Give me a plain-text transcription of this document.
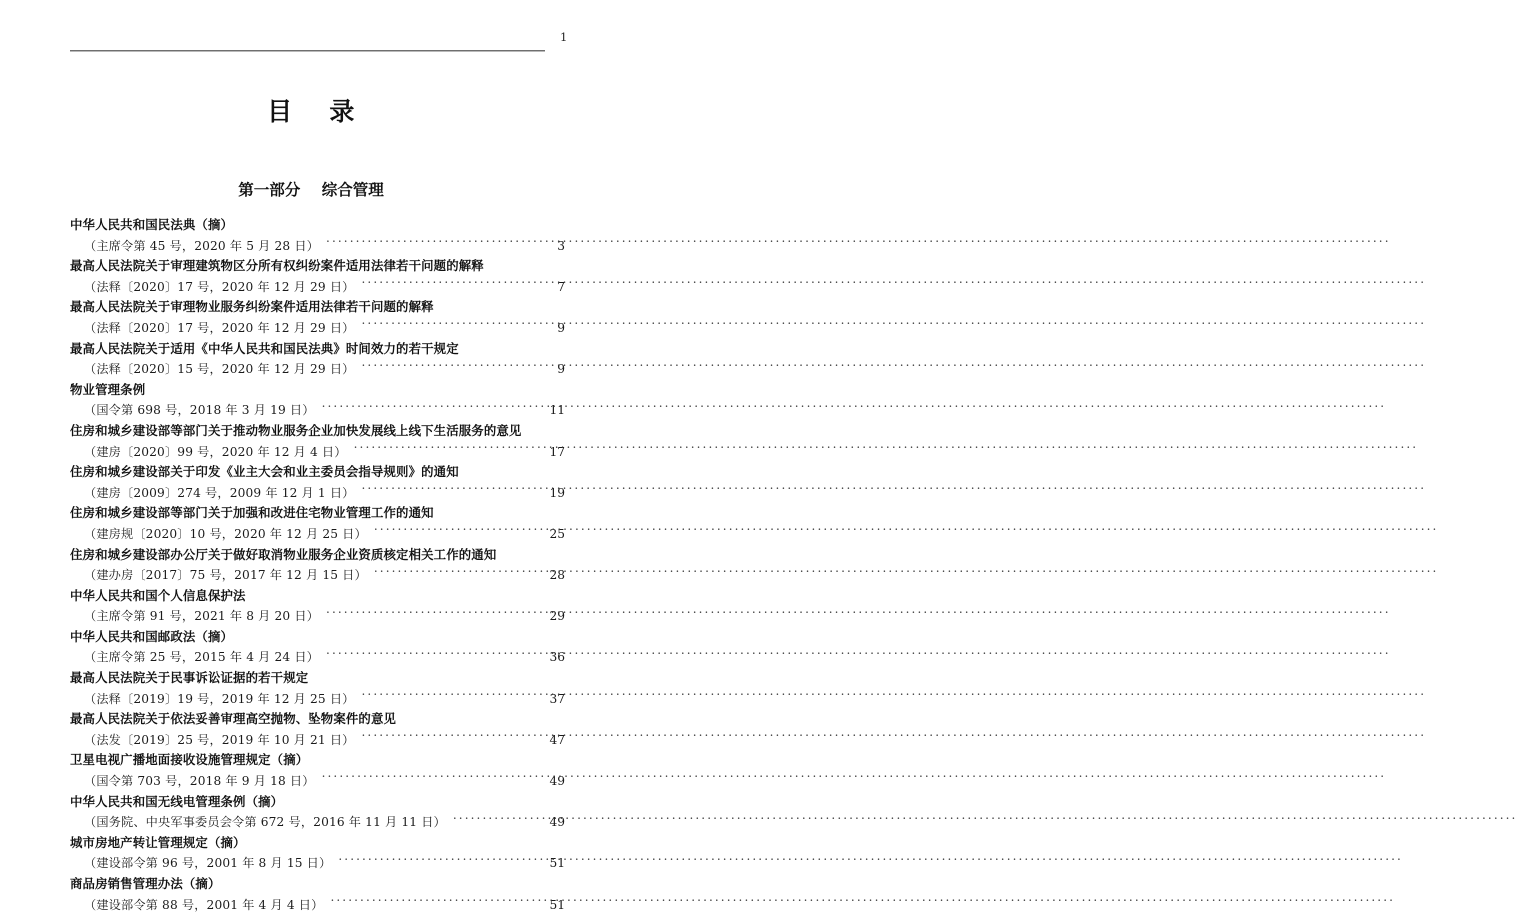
1
目    录
第一部分    综合管理
中华人民共和国民法典（摘）
（主席令第 45 号，2020 年 5 月 28 日） .....	3
最高人民法院关于审理建筑物区分所有权纠纷案件适用法律若干问题的解释
（法释〔2020〕17 号，2020 年 12 月 29 日） .....	7
最高人民法院关于审理物业服务纠纷案件适用法律若干问题的解释
（法释〔2020〕17 号，2020 年 12 月 29 日） .....	9
最高人民法院关于适用《中华人民共和国民法典》时间效力的若干规定
（法释〔2020〕15 号，2020 年 12 月 29 日） .....	9
物业管理条例
（国令第 698 号，2018 年 3 月 19 日） .....	11
住房和城乡建设部等部门关于推动物业服务企业加快发展线上线下生活服务的意见
（建房〔2020〕99 号，2020 年 12 月 4 日） .....	17
住房和城乡建设部关于印发《业主大会和业主委员会指导规则》的通知
（建房〔2009〕274 号，2009 年 12 月 1 日） .....	19
住房和城乡建设部等部门关于加强和改进住宅物业管理工作的通知
（建房规〔2020〕10 号，2020 年 12 月 25 日） .....	25
住房和城乡建设部办公厅关于做好取消物业服务企业资质核定相关工作的通知
（建办房〔2017〕75 号，2017 年 12 月 15 日） .....	28
中华人民共和国个人信息保护法
（主席令第 91 号，2021 年 8 月 20 日） .....	29
中华人民共和国邮政法（摘）
（主席令第 25 号，2015 年 4 月 24 日） .....	36
最高人民法院关于民事诉讼证据的若干规定
（法释〔2019〕19 号，2019 年 12 月 25 日） .....	37
最高人民法院关于依法妥善审理高空抛物、坠物案件的意见
（法发〔2019〕25 号，2019 年 10 月 21 日） .....	47
卫星电视广播地面接收设施管理规定（摘）
（国令第 703 号，2018 年 9 月 18 日） .....	49
中华人民共和国无线电管理条例（摘）
（国务院、中央军事委员会令第 672 号，2016 年 11 月 11 日） .....	49
城市房地产转让管理规定（摘）
（建设部令第 96 号，2001 年 8 月 15 日） .....	51
商品房销售管理办法（摘）
（建设部令第 88 号，2001 年 4 月 4 日） .....	51
